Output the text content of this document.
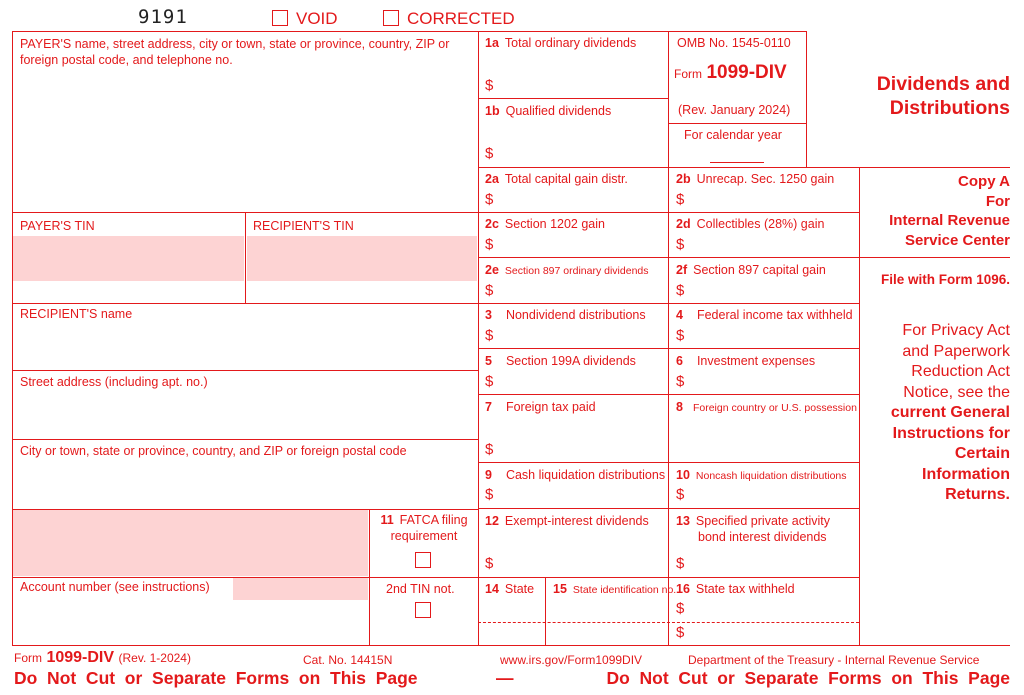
9191	VOID	CORRECTED
PAYER'S name, street address, city or town, state or province, country, ZIP or foreign postal code, and telephone no.
PAYER'S TIN	RECIPIENT'S TIN
RECIPIENT'S name
Street address (including apt. no.)
City or town, state or province, country, and ZIP or foreign postal code
11 FATCA filing
requirement
Account number (see instructions)	2nd TIN not.
1a Total ordinary dividends
$
1b Qualified dividends
$
OMB No. 1545-0110
Form 1099-DIV
(Rev. January 2024)
For calendar year
2a Total capital gain distr.
$
2b Unrecap. Sec. 1250 gain
$
2c Section 1202 gain
$
2d Collectibles (28%) gain
$
2e Section 897 ordinary dividends
$
2f Section 897 capital gain
$
3 Nondividend distributions
$
4 Federal income tax withheld
$
5 Section 199A dividends
$
6 Investment expenses
$
7 Foreign tax paid
$
8 Foreign country or U.S. possession
9 Cash liquidation distributions
$
10 Noncash liquidation distributions
$
12 Exempt-interest dividends
$
13 Specified private activity
bond interest dividends
$
14 State 15 State identification no. 16 State tax withheld
$
$
Dividends and
Distributions
Copy A
For
Internal Revenue
Service Center
File with Form 1096.
For Privacy Act
and Paperwork
Reduction Act
Notice, see the
current General
Instructions for
Certain
Information
Returns.
Form 1099-DIV (Rev. 1-2024)	Cat. No. 14415N	www.irs.gov/Form1099DIV	Department of the Treasury - Internal Revenue Service
Do  Not  Cut  or  Separate  Forms  on  This  Page	—	Do  Not  Cut  or  Separate  Forms  on  This  Page
